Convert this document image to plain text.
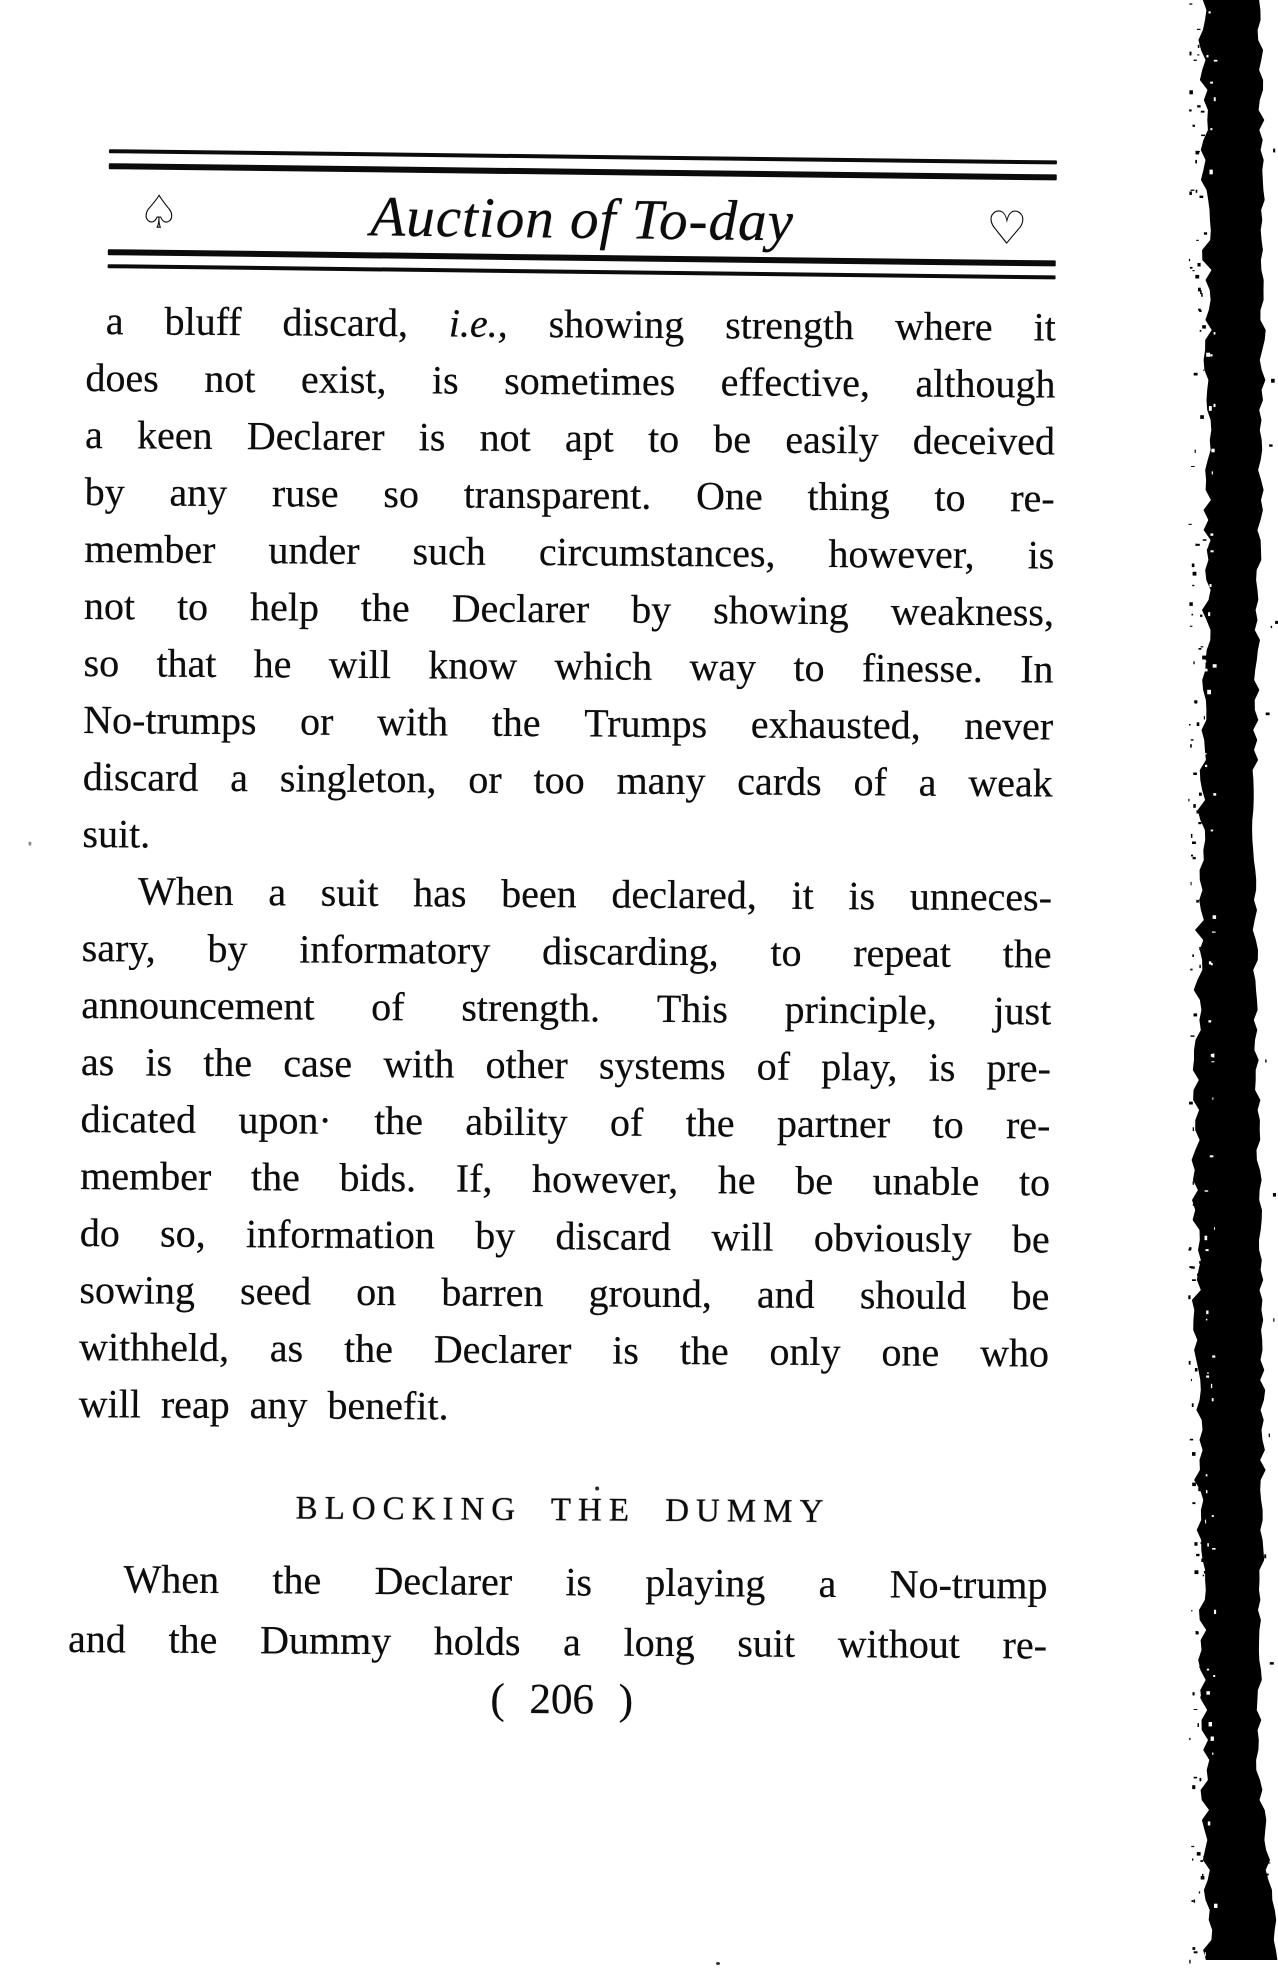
♤	Auction of To-day	♡
a bluff discard, i.e., showing strength where it
does not exist, is sometimes effective, although
a keen Declarer is not apt to be easily deceived
by any ruse so transparent. One thing to re-
member under such circumstances, however, is
not to help the Declarer by showing weakness,
so that he will know which way to finesse. In
No-trumps or with the Trumps exhausted, never
discard a singleton, or too many cards of a weak
suit.
When a suit has been declared, it is unneces-
sary, by informatory discarding, to repeat the
announcement of strength. This principle, just
as is the case with other systems of play, is pre-
dicated upon· the ability of the partner to re-
member the bids. If, however, he be unable to
do so, information by discard will obviously be
sowing seed on barren ground, and should be
withheld, as the Declarer is the only one who
will reap any benefit.
BLOCKING THE DUMMY
When the Declarer is playing a No-trump
and the Dummy holds a long suit without re-
( 206 )
